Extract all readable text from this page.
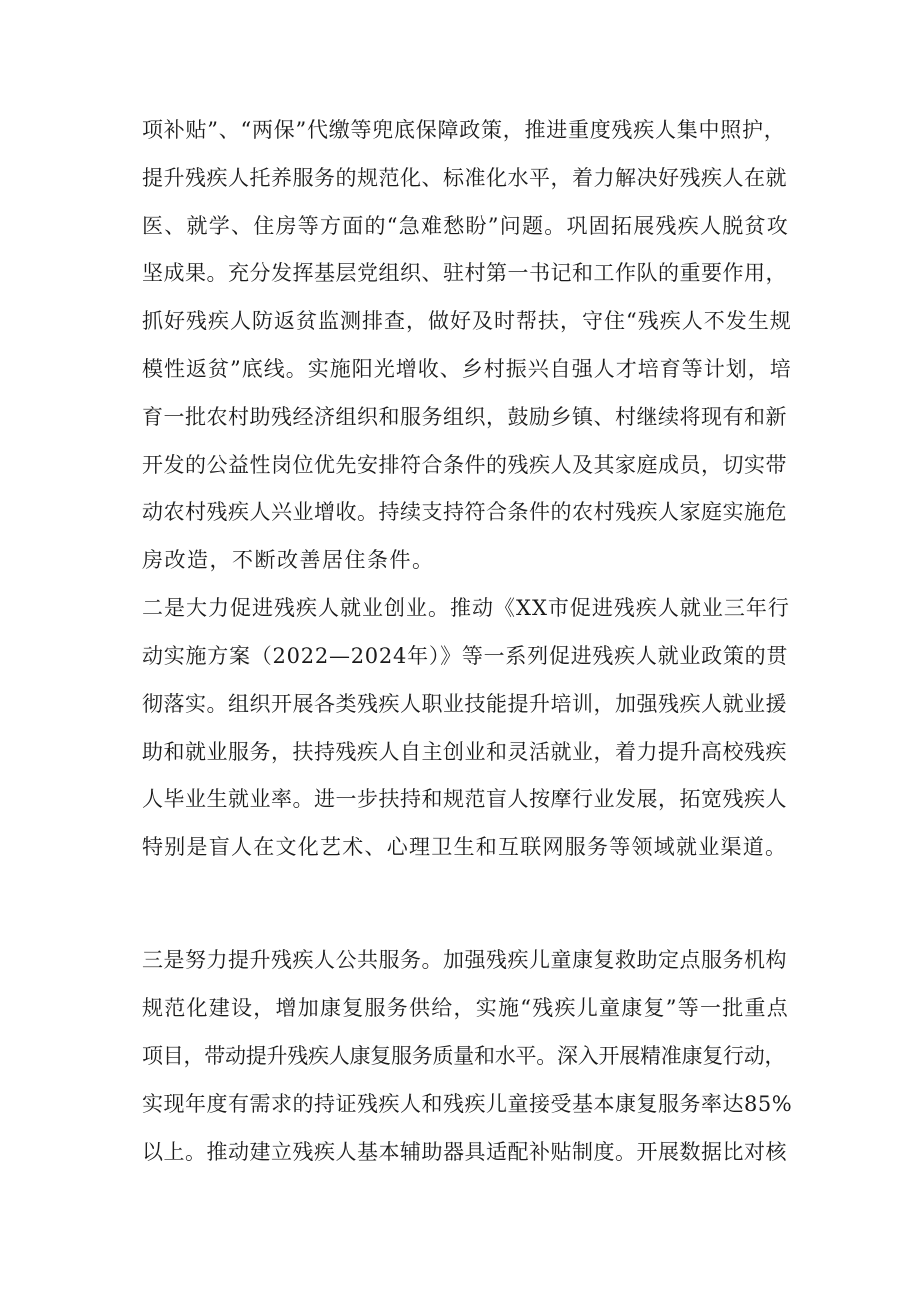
项补贴”、“两保”代缴等兜底保障政策，推进重度残疾人集中照护，

提升残疾人托养服务的规范化、标准化水平，着力解决好残疾人在就

医、就学、住房等方面的“急难愁盼”问题。巩固拓展残疾人脱贫攻

坚成果。充分发挥基层党组织、驻村第一书记和工作队的重要作用，

抓好残疾人防返贫监测排查，做好及时帮扶，守住“残疾人不发生规

模性返贫”底线。实施阳光增收、乡村振兴自强人才培育等计划，培

育一批农村助残经济组织和服务组织，鼓励乡镇、村继续将现有和新

开发的公益性岗位优先安排符合条件的残疾人及其家庭成员，切实带

动农村残疾人兴业增收。持续支持符合条件的农村残疾人家庭实施危

房改造，不断改善居住条件。

二是大力促进残疾人就业创业。推动《XX市促进残疾人就业三年行

动实施方案（2022—2024年）》等一系列促进残疾人就业政策的贯

彻落实。组织开展各类残疾人职业技能提升培训，加强残疾人就业援

助和就业服务，扶持残疾人自主创业和灵活就业，着力提升高校残疾

人毕业生就业率。进一步扶持和规范盲人按摩行业发展，拓宽残疾人

特别是盲人在文化艺术、心理卫生和互联网服务等领域就业渠道。

三是努力提升残疾人公共服务。加强残疾儿童康复救助定点服务机构

规范化建设，增加康复服务供给，实施“残疾儿童康复”等一批重点

项目，带动提升残疾人康复服务质量和水平。深入开展精准康复行动，

实现年度有需求的持证残疾人和残疾儿童接受基本康复服务率达85%

以上。推动建立残疾人基本辅助器具适配补贴制度。开展数据比对核
